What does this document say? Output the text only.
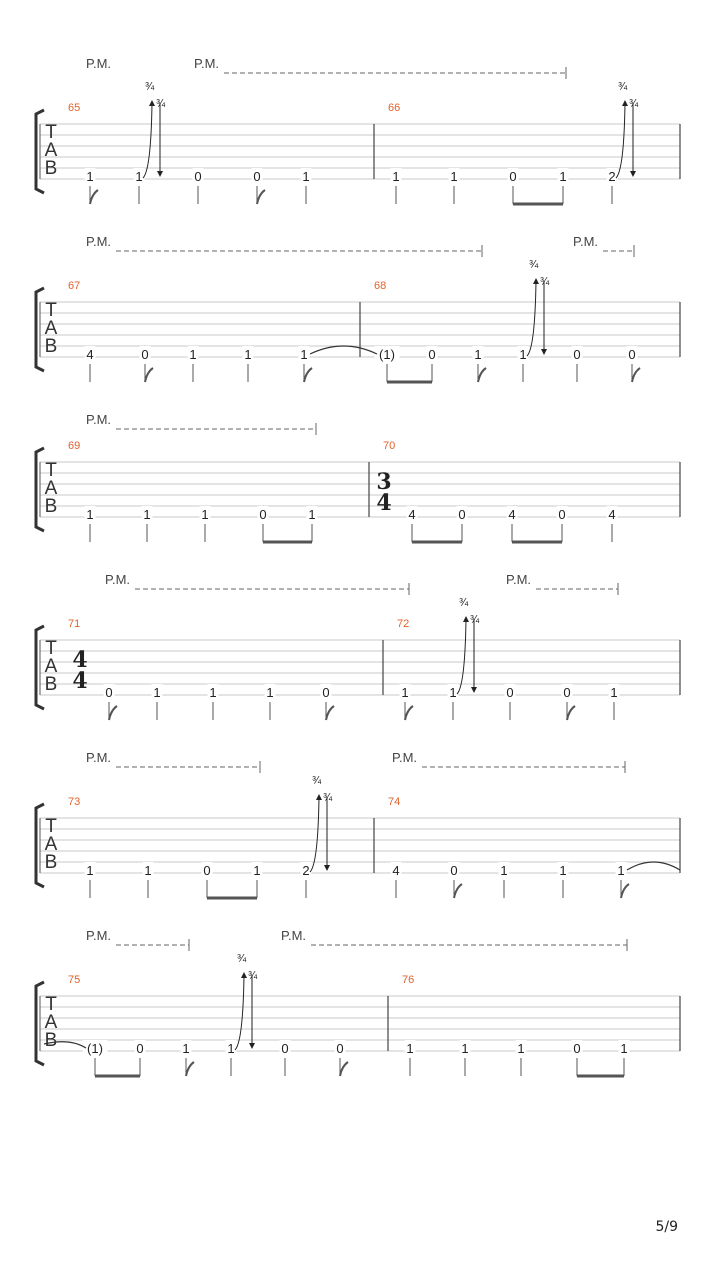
T
A
B
P.M.	P.M.
65
1	1	0	0	1
66
1	1	0	1	2
¾
¾
¾
¾
T
A
B
P.M.	P.M.
67
4	0	1	1	1
68
(1)	0	1	1	0	0
¾
¾
T
A
B
P.M.
69
1	1	1	0	1
70
3
4 4	0	4	0	4
T
A
B
P.M.	P.M.
71
4
4 0	1	1	1	0
72
1	1	0	0	1
¾
¾
T
A
B
P.M.	P.M.
73
1	1	0	1	2
74
4	0	1	1	1
¾
¾
T
A
B
P.M.	P.M.
75
(1)	0	1	1	0	0
76
1	1	1	0	1
¾
¾
5/9
